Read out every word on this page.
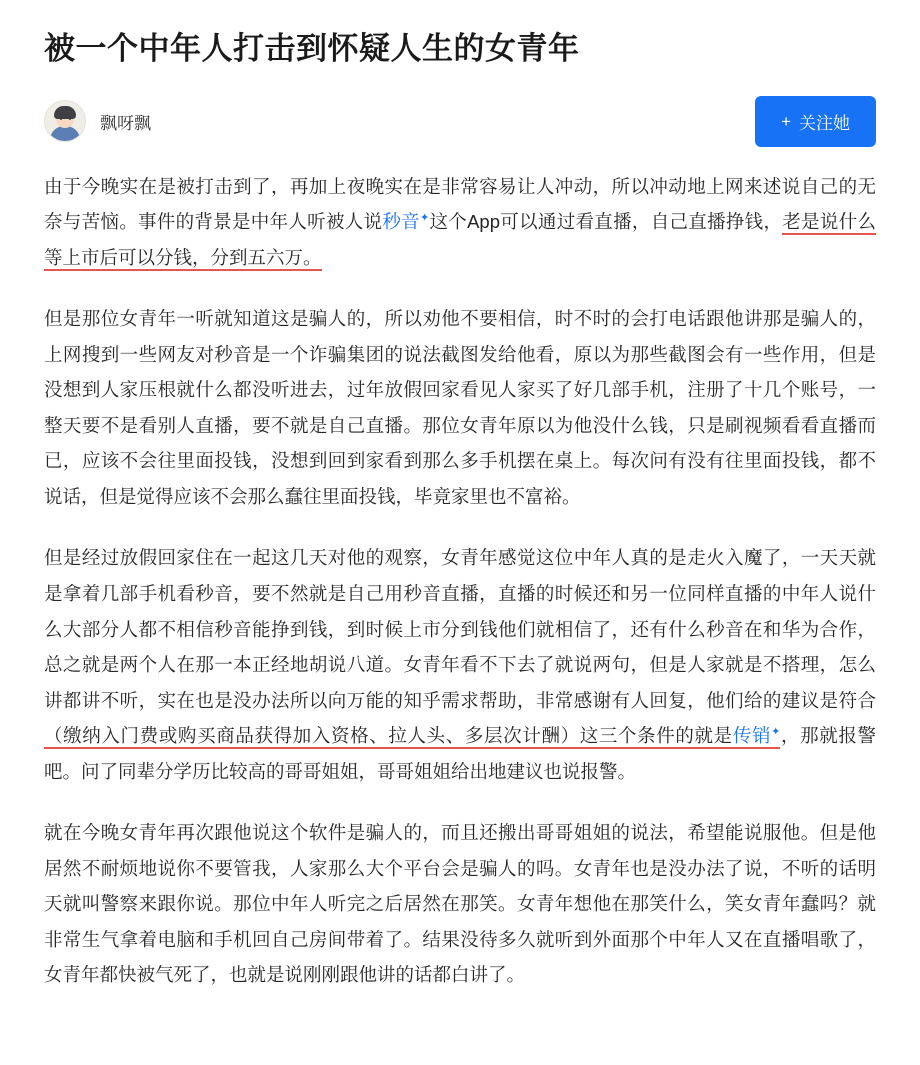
被一个中年人打击到怀疑人生的女青年
飘呀飘	+ 关注她

由于今晚实在是被打击到了，再加上夜晚实在是非常容易让人冲动，所以冲动地上网来述说自己的无奈与苦恼。事件的背景是中年人听被人说秒音✦这个App可以通过看直播，自己直播挣钱，老是说什么等上市后可以分钱，分到五六万。

但是那位女青年一听就知道这是骗人的，所以劝他不要相信，时不时的会打电话跟他讲那是骗人的，上网搜到一些网友对秒音是一个诈骗集团的说法截图发给他看，原以为那些截图会有一些作用，但是没想到人家压根就什么都没听进去，过年放假回家看见人家买了好几部手机，注册了十几个账号，一整天要不是看别人直播，要不就是自己直播。那位女青年原以为他没什么钱，只是刷视频看看直播而已，应该不会往里面投钱，没想到回到家看到那么多手机摆在桌上。每次问有没有往里面投钱，都不说话，但是觉得应该不会那么蠢往里面投钱，毕竟家里也不富裕。

但是经过放假回家住在一起这几天对他的观察，女青年感觉这位中年人真的是走火入魔了，一天天就是拿着几部手机看秒音，要不然就是自己用秒音直播，直播的时候还和另一位同样直播的中年人说什么大部分人都不相信秒音能挣到钱，到时候上市分到钱他们就相信了，还有什么秒音在和华为合作，总之就是两个人在那一本正经地胡说八道。女青年看不下去了就说两句，但是人家就是不搭理，怎么讲都讲不听，实在也是没办法所以向万能的知乎需求帮助，非常感谢有人回复，他们给的建议是符合（缴纳入门费或购买商品获得加入资格、拉人头、多层次计酬）这三个条件的就是传销✦，那就报警吧。问了同辈分学历比较高的哥哥姐姐，哥哥姐姐给出地建议也说报警。

就在今晚女青年再次跟他说这个软件是骗人的，而且还搬出哥哥姐姐的说法，希望能说服他。但是他居然不耐烦地说你不要管我，人家那么大个平台会是骗人的吗。女青年也是没办法了说，不听的话明天就叫警察来跟你说。那位中年人听完之后居然在那笑。女青年想他在那笑什么，笑女青年蠢吗？就非常生气拿着电脑和手机回自己房间带着了。结果没待多久就听到外面那个中年人又在直播唱歌了，女青年都快被气死了，也就是说刚刚跟他讲的话都白讲了。
